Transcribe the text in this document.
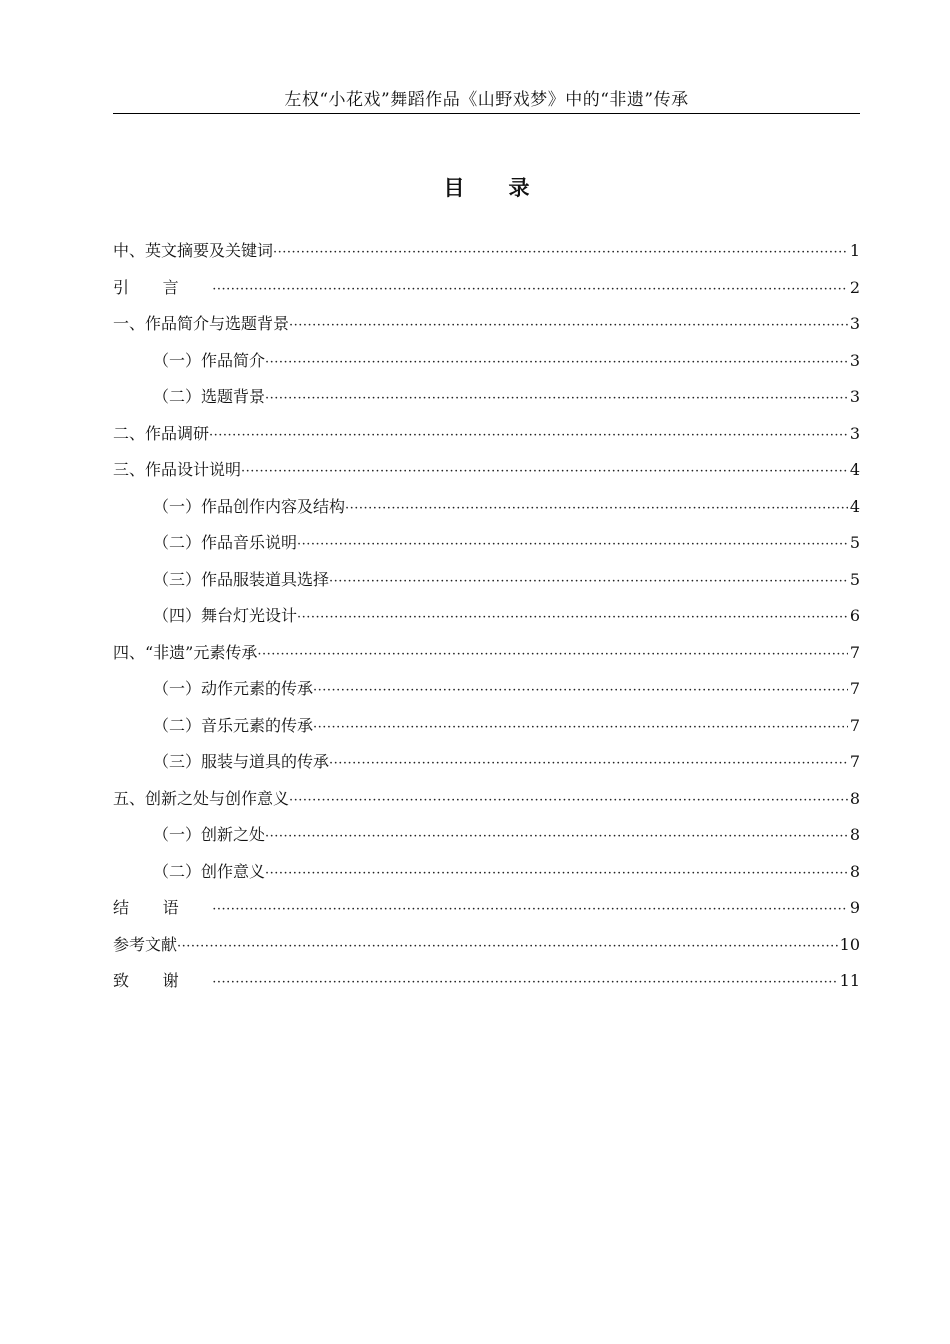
左权“小花戏”舞蹈作品《山野戏梦》中的“非遗”传承
目录
中、英文摘要及关键词 ·····	1
引言 ·····	2
一、作品简介与选题背景 ·····	3
（一）作品简介 ·····	3
（二）选题背景 ·····	3
二、作品调研 ·····	3
三、作品设计说明 ·····	4
（一）作品创作内容及结构 ·····	4
（二）作品音乐说明 ·····	5
（三）作品服装道具选择 ·····	5
（四）舞台灯光设计 ·····	6
四、“非遗”元素传承 ·····	7
（一）动作元素的传承 ·····	7
（二）音乐元素的传承 ·····	7
（三）服装与道具的传承 ·····	7
五、创新之处与创作意义 ·····	8
（一）创新之处 ·····	8
（二）创作意义 ·····	8
结语 ·····	9
参考文献 ·····	10
致谢 ·····	11
